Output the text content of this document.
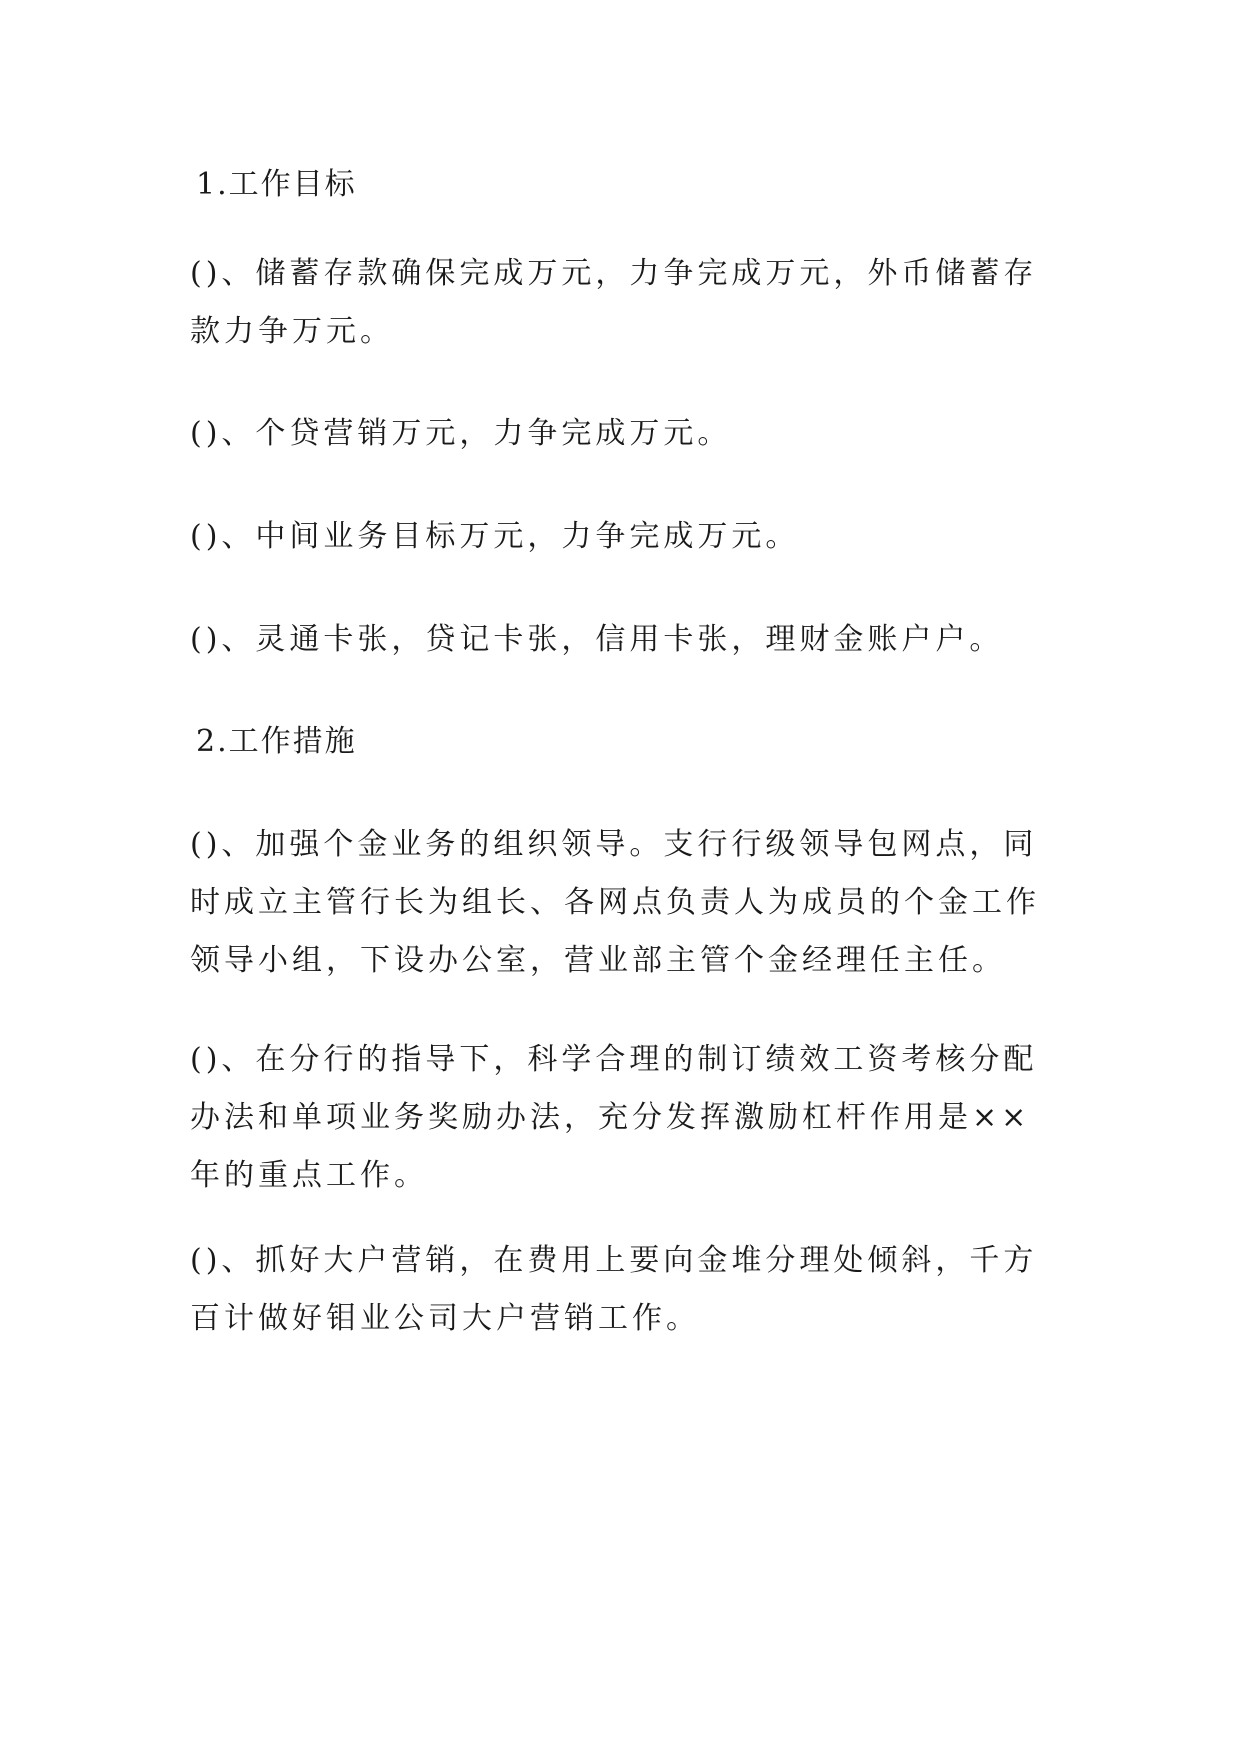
1.工作目标

()、储蓄存款确保完成万元，力争完成万元，外币储蓄存款力争万元。

()、个贷营销万元，力争完成万元。

()、中间业务目标万元，力争完成万元。

()、灵通卡张，贷记卡张，信用卡张，理财金账户户。

2.工作措施

()、加强个金业务的组织领导。支行行级领导包网点，同时成立主管行长为组长、各网点负责人为成员的个金工作领导小组，下设办公室，营业部主管个金经理任主任。

()、在分行的指导下，科学合理的制订绩效工资考核分配办法和单项业务奖励办法，充分发挥激励杠杆作用是××年的重点工作。

()、抓好大户营销，在费用上要向金堆分理处倾斜，千方百计做好钼业公司大户营销工作。
